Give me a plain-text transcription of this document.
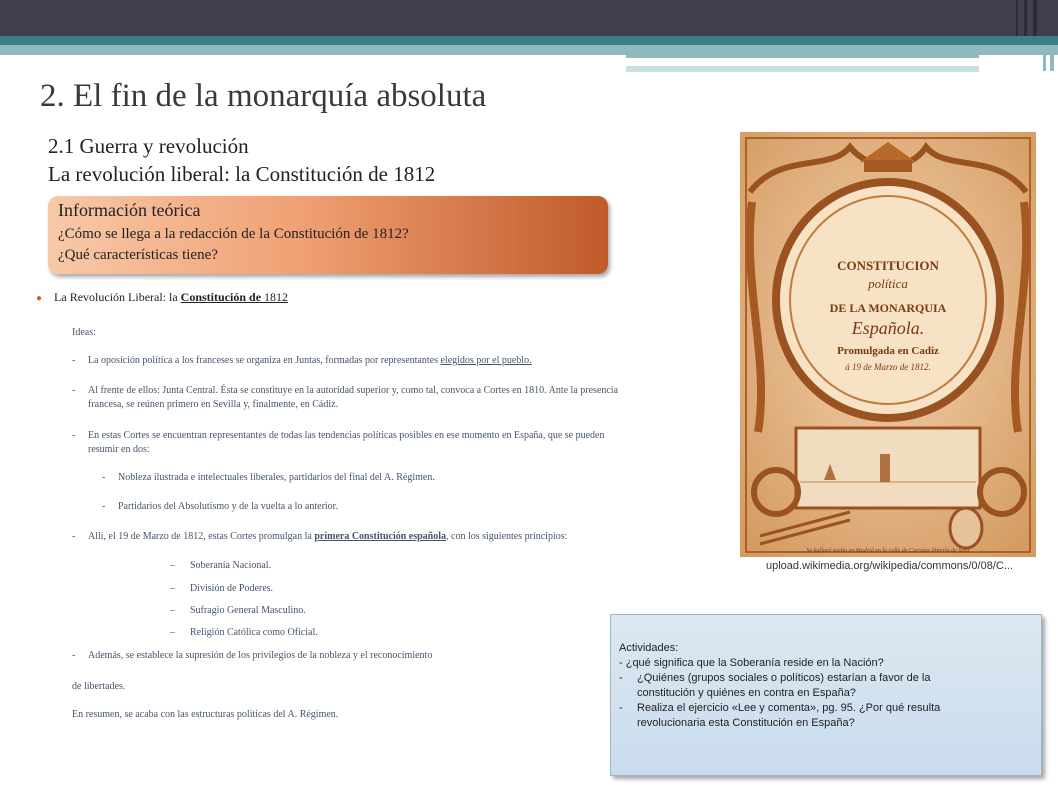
2. El fin de la monarquía absoluta
2.1 Guerra y revolución
La revolución liberal: la Constitución de 1812
Información teórica
¿Cómo se llega a la redacción de la Constitución de 1812?
¿Qué características tiene?
● La Revolución Liberal: la Constitución de 1812
Ideas:
- La oposición política a los franceses se organiza en Juntas, formadas por representantes elegidos por el pueblo.
- Al frente de ellos: Junta Central. Ésta se constituye en la autoridad superior y, como tal, convoca a Cortes en 1810. Ante la presencia
francesa, se reúnen primero en Sevilla y, finalmente, en Cádiz.
- En estas Cortes se encuentran representantes de todas las tendencias políticas posibles en ese momento en España, que se pueden
resumir en dos:
- Nobleza ilustrada e intelectuales liberales, partidarios del final del A. Régimen.
- Partidarios del Absolutismo y de la vuelta a lo anterior.
- Allí, el 19 de Marzo de 1812, estas Cortes promulgan la primera Constitución española, con los siguientes principios:
– Soberanía Nacional.
– División de Poderes.
– Sufragio General Masculino.
– Religión Católica como Oficial.
- Además, se establece la supresión de los privilegios de la nobleza y el reconocimiento
de libertades.
En resumen, se acaba con las estructuras políticas del A. Régimen.
CONSTITUCION
política
DE LA MONARQUIA
Española.
Promulgada en Cadiz
á 19 de Marzo de 1812.
Se hallará suelta en Madrid en la calle de Carretas librería de Sanz
upload.wikimedia.org/wikipedia/commons/0/08/C...
Actividades:
- ¿qué significa que la Soberanía reside en la Nación?
- ¿Quiénes (grupos sociales o políticos) estarían a favor de la
constitución y quiénes en contra en España?
- Realiza el ejercicio «Lee y comenta», pg. 95. ¿Por qué resulta
revolucionaria esta Constitución en España?
